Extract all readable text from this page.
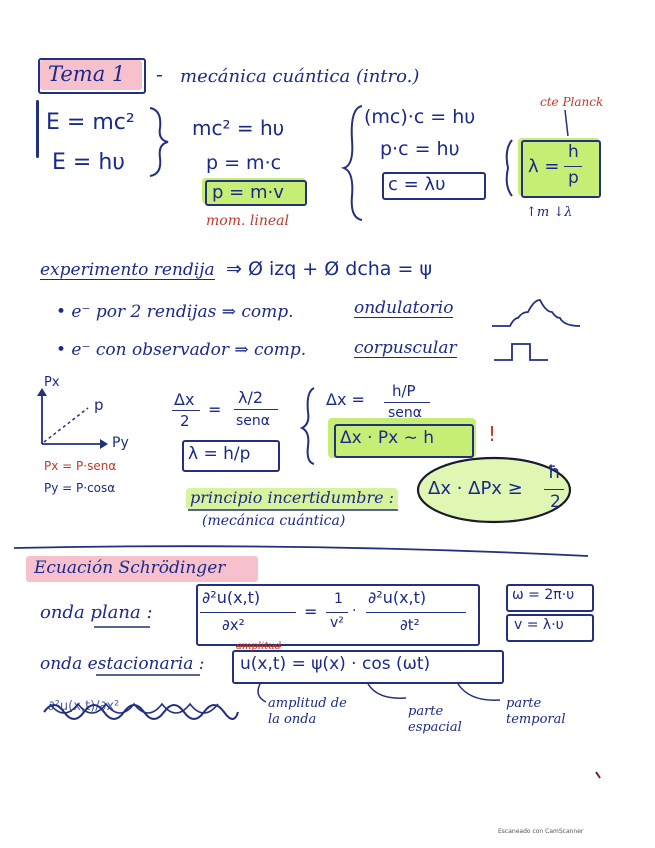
Tema 1 - mecánica cuántica (intro.)
E = mc²
E = hυ
mc² = hυ
p = m·c
p = m·v
mom. lineal
(mc)·c = hυ
p·c = hυ
c = λυ
cte Planck
λ =
h
p
↑m ↓λ
experimento rendija ⇒ Ø izq + Ø dcha = ψ
• e⁻ por 2 rendijas ⇒ comp.	ondulatorio
• e⁻ con observador ⇒ comp.	corpuscular
Px
p
Py
Δx
2
=
λ/2
senα
λ = h/p
Δx = h/P
senα
Δx · Px ∼ h	!
Px = P·senα
Py = P·cosα	principio incertidumbre :
(mecánica cuántica)
Δx · ΔPx ≥
ħ
2
Ecuación Schrödinger
onda plana :
∂²u(x,t)
∂x²
=
1
v²
·
∂²u(x,t)
∂t²
ω = 2π·υ
v = λ·υ
onda estacionaria :
amplitud
u(x,t) = ψ(x) · cos (ωt)
amplitud de la onda
parte espacial
parte temporal
∂²u(x,t)/∂x²
Escaneado con CamScanner
